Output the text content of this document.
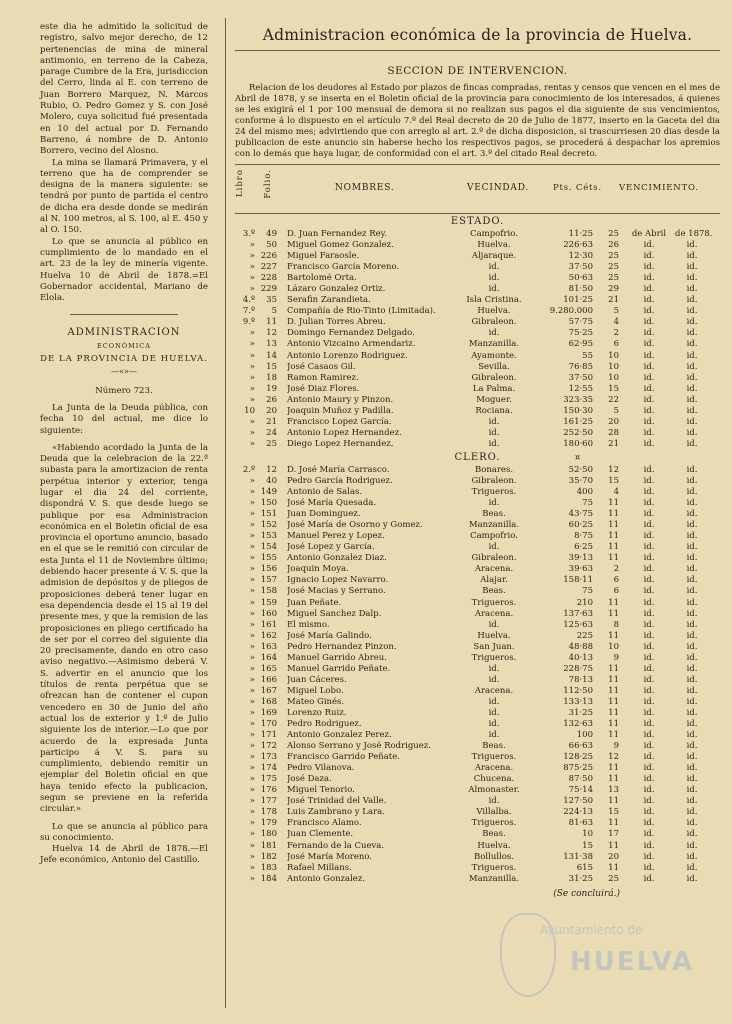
este dia he admitido la solicitud de registro, salvo mejor derecho, de 12 pertenencias de mina de mineral antimonio, en terreno de la Cabeza, parage Cumbre de la Era, jurisdiccion del Cerro, linda al E. con terreno de Juan Borrero Marquez, N. Marcos Rubio, O. Pedro Gomez y S. con José Molero, cuya solicitud fué presentada en 10 del actual por D. Fernando Barreno, á nombre de D. Antonio Borrero, vecino del Alosno.

La mina se llamará Primavera, y el terreno que ha de comprender se designa de la manera siguiente: se tendrá por punto de partida el centro de dicha era desde donde se medirán al N. 100 metros, al S. 100, al E. 450 y al O. 150.

Lo que se anuncia al público en cumplimiento de lo mandado en el art. 23 de la ley de minería vigente. Huelva 10 de Abril de 1878.=El Gobernador accidental, Mariano de Elola.

ADMINISTRACION

ECONÓMICA

DE LA PROVINCIA DE HUELVA.

—«»—

Número 723.

La Junta de la Deuda pública, con fecha 10 del actual, me dice lo siguiente:

«Habiendo acordado la Junta de la Deuda que la celebracion de la 22.ª subasta para la amortizacion de renta perpétua interior y exterior, tenga lugar el dia 24 del corriente, dispondrá V. S. que desde luego se publique por esa Administracion económica en el Boletin oficial de esa provincia el oportuno anuncio, basado en el que se le remitió con circular de esta Junta el 11 de Noviembre último; debiendo hacer presente á V. S. que la admision de depósitos y de pliegos de proposiciones deberá tener lugar en esa dependencia desde el 15 al 19 del presente mes, y que la remision de las proposiciones en pliego certificado ha de ser por el correo del siguiente dia 20 precisamente, dando en otro caso aviso negativo.—Asimismo deberá V. S. advertir en el anuncio que los títulos de renta perpétua que se ofrezcan han de contener el cupon vencedero en 30 de Junio del año actual los de exterior y 1.º de Julio siguiente los de interior.—Lo que por acuerdo de la expresada Junta participo á V. S. para su cumplimiento, debiendo remitir un ejemplar del Boletin oficial en que haya tenido efecto la publicacion, segun se previene en la referida circular.»

Lo que se anuncia al público para su conocimiento.

Huelva 14 de Abril de 1878.—El Jefe económico, Antonio del Castillo.

Administracion económica de la provincia de Huelva.
SECCION DE INTERVENCION.

Relacion de los deudores al Estado por plazos de fincas compradas, rentas y censos que vencen en el mes de Abril de 1878, y se inserta en el Boletin oficial de la provincia para conocimiento de los interesados, á quienes se les exigirá el 1 por 100 mensual de demora si no realizan sus pagos el dia siguiente de sus vencimientos, conforme á lo dispuesto en el artículo 7.º del Real decreto de 20 de Julio de 1877, inserto en la Gaceta del dia 24 del mismo mes; advirtiendo que con arreglo al art. 2.º de dicha disposicion, si trascurriesen 20 dias desde la publicacion de este anuncio sin haberse hecho los respectivos pagos, se procederá á despachar los apremios con lo demás que haya lugar, de conformidad con el art. 3.º del citado Real decreto.

Libro Folio.	NOMBRES.	VECINDAD.	Pts. Céts. VENCIMIENTO.
ESTADO.
3.º	49 D. Juan Fernandez Rey.	Campofrio.	11·25	25	de Abril	de 1878.
»	50 Miguel Gomez Gonzalez.	Huelva.	226·63	26	id.	id.
» 226 Miguel Faraosle.	Aljaraque.	12·30	25	id.	id.
» 227 Francisco García Moreno.	id.	37·50	25	id.	id.
» 228 Bartolomé Orta.	id.	50·63	25	id.	id.
» 229 Lázaro Gonzalez Ortiz.	id.	81·50	29	id.	id.
4.º	35 Serafin Zarandieta.	Isla Cristina.	101·25	21	id.	id.
7.º	5 Compañía de Rio-Tinto (Limitada).	Huelva.	9.280.000	5	id.	id.
9.º	11 D. Julian Torres Abreu.	Gibraleon.	57·75	4	id.	id.
»	12 Domingo Fernandez Delgado.	id.	75·25	2	id.	id.
»	13 Antonio Vizcaino Armendariz.	Manzanilla.	62·95	6	id.	id.
»	14 Antonio Lorenzo Rodriguez.	Ayamonte.	55	10	id.	id.
»	15 José Casaos Gil.	Sevilla.	76·85	10	id.	id.
»	18 Ramon Ramirez.	Gibraleon.	37·50	10	id.	id.
»	19 José Diaz Flores.	La Palma.	12·55	15	id.	id.
»	26 Antonio Maury y Pinzon.	Moguer.	323·35	22	id.	id.
10	20 Joaquin Muñoz y Padilla.	Rociana.	150·30	5	id.	id.
»	21 Francisco Lopez García.	id.	161·25	20	id.	id.
»	24 Antonio Lopez Hernandez.	id.	252·50	28	id.	id.
»	25 Diego Lopez Hernandez.	id.	180·60	21	id.	id.
CLERO.	¤
2.º	12 D. José María Carrasco.	Bonares.	52·50	12	id.	id.
»	40 Pedro García Rodriguez.	Gibraleon.	35·70	15	id.	id.
» 149 Antonio de Salas.	Trigueros.	400	4	id.	id.
» 150 José María Quesada.	id.	75	11	id.	id.
» 151 Juan Dominguez.	Beas.	43·75	11	id.	id.
» 152 José María de Osorno y Gomez.	Manzanilla.	60·25	11	id.	id.
» 153 Manuel Perez y Lopez.	Campofrio.	8·75	11	id.	id.
» 154 José Lopez y García.	id.	6·25	11	id.	id.
» 155 Antonio Gonzalez Diaz.	Gibraleon.	39·13	11	id.	id.
» 156 Joaquin Moya.	Aracena.	39·63	2	id.	id.
» 157 Ignacio Lopez Navarro.	Alajar.	158·11	6	id.	id.
» 158 José Macias y Serrano.	Beas.	75	6	id.	id.
» 159 Juan Peñate.	Trigueros.	210	11	id.	id.
» 160 Miguel Sanchez Dalp.	Aracena.	137·63	11	id.	id.
» 161 El mismo.	id.	125·63	8	id.	id.
» 162 José María Galindo.	Huelva.	225	11	id.	id.
» 163 Pedro Hernandez Pinzon.	San Juan.	48·88	10	id.	id.
» 164 Manuel Garrido Abreu.	Trigueros.	40·13	9	id.	id.
» 165 Manuel Garrido Peñate.	id.	228·75	11	id.	id.
» 166 Juan Cáceres.	id.	78·13	11	id.	id.
» 167 Miguel Lobo.	Aracena.	112·50	11	id.	id.
» 168 Mateo Ginés.	id.	133·13	11	id.	id.
» 169 Lorenzo Ruiz.	id.	31·25	11	id.	id.
» 170 Pedro Rodriguez.	id.	132·63	11	id.	id.
» 171 Antonio Gonzalez Perez.	id.	100	11	id.	id.
» 172 Alonso Serrano y José Rodriguez.	Beas.	66·63	9	id.	id.
» 173 Francisco Garrido Peñate.	Trigueros.	128·25	12	id.	id.
» 174 Pedro Vilanova.	Aracena.	875·25	11	id.	id.
» 175 José Daza.	Chucena.	87·50	11	id.	id.
» 176 Miguel Tenorio.	Almonaster.	75·14	13	id.	id.
» 177 José Trinidad del Valle.	id.	127·50	11	id.	id.
» 178 Luis Zambrano y Lara.	Villalba.	224·13	15	id.	id.
» 179 Francisco Alamo.	Trigueros.	81·63	11	id.	id.
» 180 Juan Clemente.	Beas.	10	17	id.	id.
» 181 Fernando de la Cueva.	Huelva.	15	11	id.	id.
» 182 José María Moreno.	Bollullos.	131·38	20	id.	id.
» 183 Rafael Millans.	Trigueros.	615	11	id.	id.
» 184 Antonio Gonzalez.	Manzanilla.	31·25	25	id.	id.
(Se concluirá.)
Ayuntamiento de
HUELVA
